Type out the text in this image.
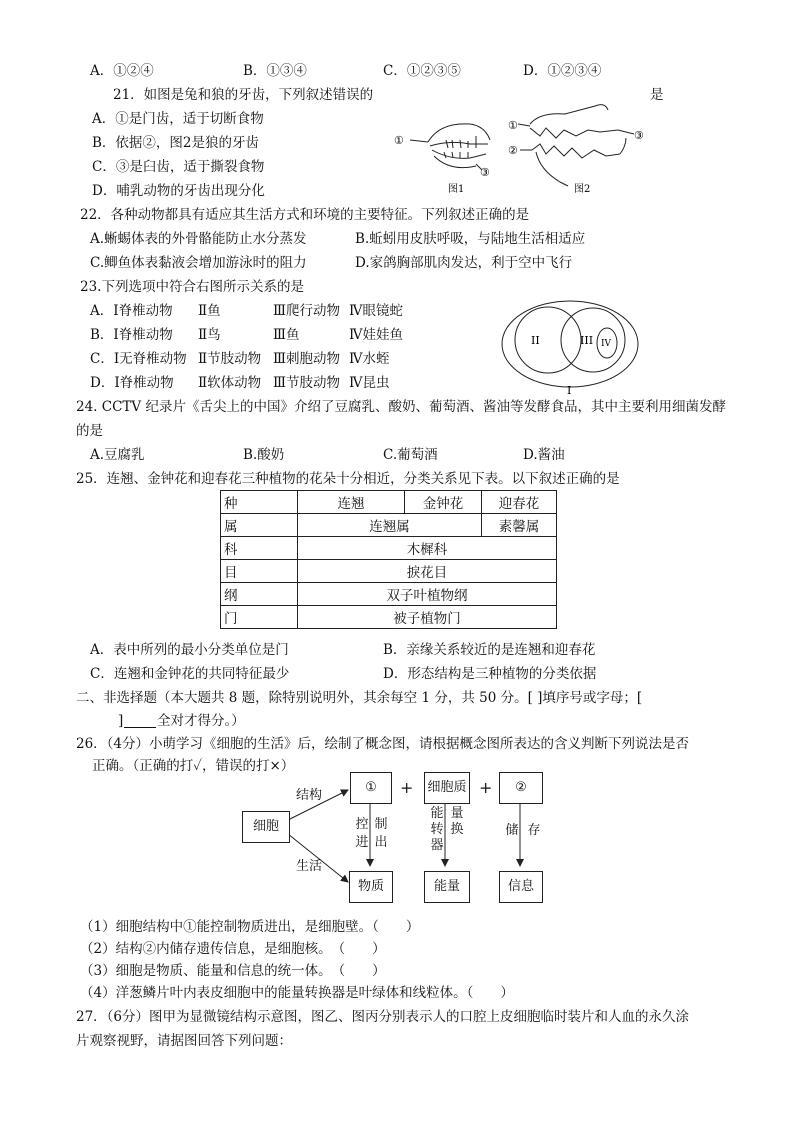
A．①②④	B．①③④	C．①②③⑤	D．①②③④
21．如图是兔和狼的牙齿，下列叙述错误的	是
A．①是门齿，适于切断食物
B．依据②，图2是狼的牙齿
C．③是臼齿，适于撕裂食物
D．哺乳动物的牙齿出现分化
①
③
图1
①
②
③
图2
22．各种动物都具有适应其生活方式和环境的主要特征。下列叙述正确的是
A.蜥蜴体表的外骨骼能防止水分蒸发	B.蚯蚓用皮肤呼吸，与陆地生活相适应
C.鲫鱼体表黏液会增加游泳时的阻力	D.家鸽胸部肌肉发达，利于空中飞行
23.下列选项中符合右图所示关系的是
A．Ⅰ脊椎动物 Ⅱ鱼	Ⅲ爬行动物 Ⅳ眼镜蛇
B．Ⅰ脊椎动物 Ⅱ鸟	Ⅲ鱼	Ⅳ娃娃鱼
C．Ⅰ无脊椎动物 Ⅱ节肢动物 Ⅲ刺胞动物 Ⅳ水蛭
D．Ⅰ脊椎动物 Ⅱ软体动物 Ⅲ节肢动物 Ⅳ昆虫
II	III IV
I
24. CCTV 纪录片《舌尖上的中国》介绍了豆腐乳、酸奶、葡萄酒、酱油等发酵食品，其中主要利用细菌发酵
的是
A.豆腐乳	B.酸奶	C.葡萄酒	D.酱油
25．连翘、金钟花和迎春花三种植物的花朵十分相近，分类关系见下表。以下叙述正确的是
种	连翘	金钟花	迎春花
属	连翘属		素馨属
科	木樨科		
目	捩花目		
纲	双子叶植物纲		
门	被子植物门		
A．表中所列的最小分类单位是门	B．亲缘关系较近的是连翘和迎春花
C．连翘和金钟花的共同特征最少	D．形态结构是三种植物的分类依据
二、非选择题（本大题共 8 题，除特别说明外，其余每空 1 分，共 50 分。[ ]填序号或字母；[
] 全对才得分。）
26．（4分）小萌学习《细胞的生活》后，绘制了概念图，请根据概念图所表达的含义判断下列说法是否
正确。（正确的打✓，错误的打×）
细胞
结构
生活
①	+ 细胞质 +	②
控
进
制
出
能
转
器
量
换	储 存
物质	能量	信息
（1）细胞结构中①能控制物质进出，是细胞壁。（　　）
（2）结构②内储存遗传信息，是细胞核。　（　　）
（3）细胞是物质、能量和信息的统一体。　（　　）
（4）洋葱鳞片叶内表皮细胞中的能量转换器是叶绿体和线粒体。（　　）
27．（6分）图甲为显微镜结构示意图，图乙、图丙分别表示人的口腔上皮细胞临时装片和人血的永久涂
片观察视野，请据图回答下列问题：
